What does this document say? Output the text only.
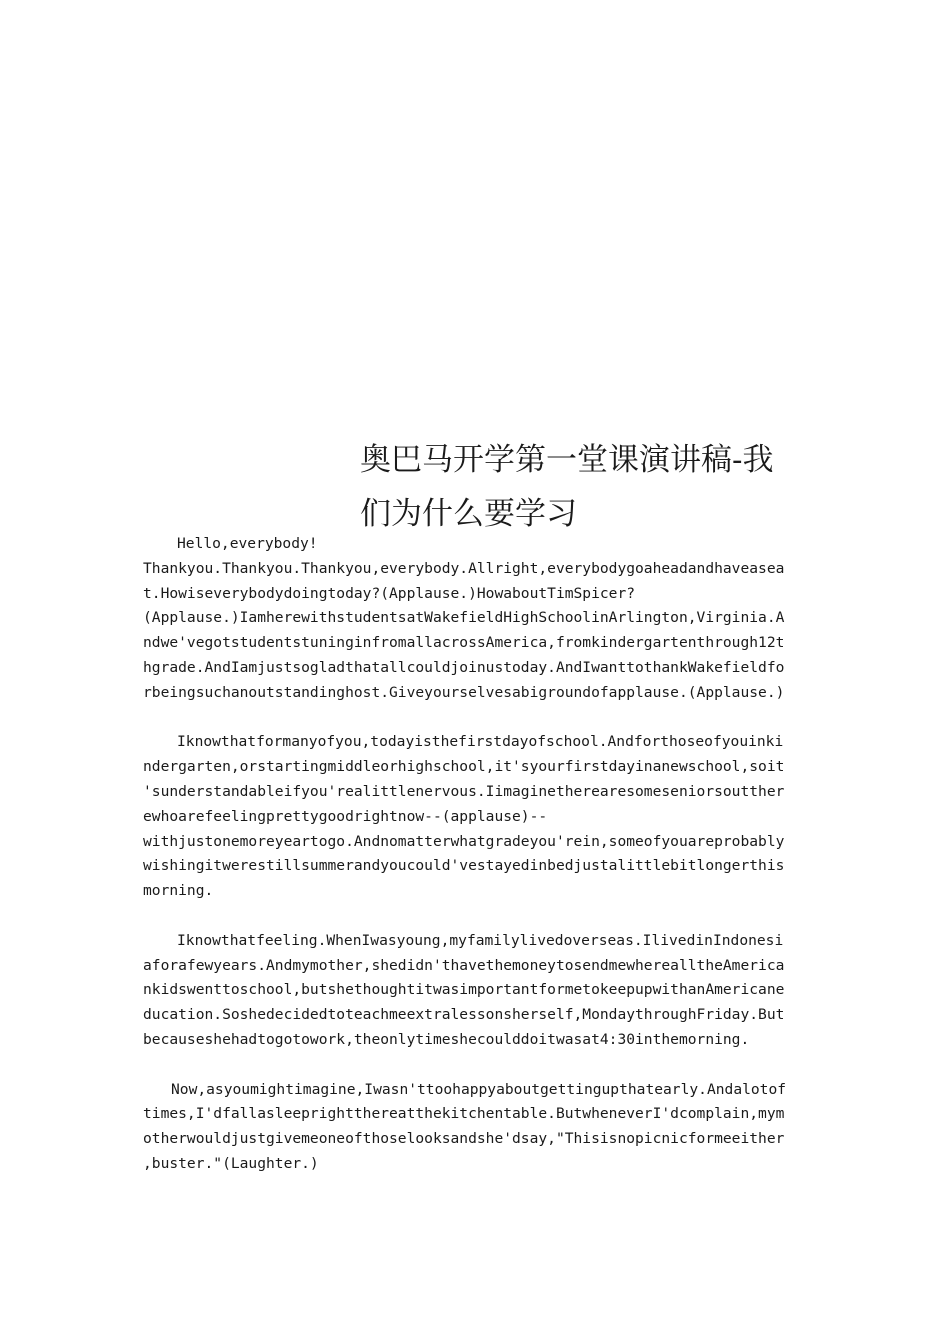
奥巴马开学第一堂课演讲稿-我
们为什么要学习
Hello,everybody!
Thankyou.Thankyou.Thankyou,everybody.Allright,everybodygoaheadandhaveasea
t.Howiseverybodydoingtoday?(Applause.)HowaboutTimSpicer?
(Applause.)IamherewithstudentsatWakefieldHighSchoolinArlington,Virginia.A
ndwe'vegotstudentstuninginfromallacrossAmerica,fromkindergartenthrough12t
hgrade.AndIamjustsogladthatallcouldjoinustoday.AndIwanttothankWakefieldfo
rbeingsuchanoutstandinghost.Giveyourselvesabigroundofapplause.(Applause.)
Iknowthatformanyofyou,todayisthefirstdayofschool.Andforthoseofyouinki
ndergarten,orstartingmiddleorhighschool,it'syourfirstdayinanewschool,soit
'sunderstandableifyou'realittlenervous.Iimaginetherearesomeseniorsoutther
ewhoarefeelingprettygoodrightnow--(applause)--
withjustonemoreyeartogo.Andnomatterwhatgradeyou'rein,someofyouareprobably
wishingitwerestillsummerandyoucould'vestayedinbedjustalittlebitlongerthis
morning.
Iknowthatfeeling.WhenIwasyoung,myfamilylivedoverseas.IlivedinIndonesi
aforafewyears.Andmymother,shedidn'thavethemoneytosendmewherealltheAmerica
nkidswenttoschool,butshethoughtitwasimportantformetokeepupwithanAmericane
ducation.Soshedecidedtoteachmeextralessonsherself,MondaythroughFriday.But
becauseshehadtogotowork,theonlytimeshecoulddoitwasat4:30inthemorning.
Now,asyoumightimagine,Iwasn'ttoohappyaboutgettingupthatearly.Andalotof
times,I'dfallasleeprightthereatthekitchentable.ButwheneverI'dcomplain,mym
otherwouldjustgivemeoneofthoselooksandshe'dsay,"Thisisnopicnicformeeither
,buster."(Laughter.)
